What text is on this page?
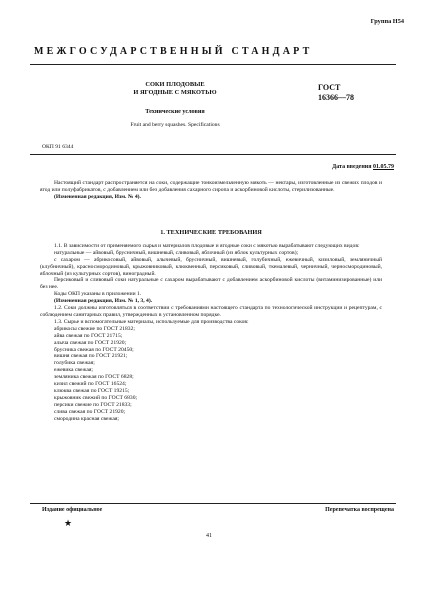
Группа Н54
МЕЖГОСУДАРСТВЕННЫЙ СТАНДАРТ
СОКИ ПЛОДОВЫЕ
И ЯГОДНЫЕ С МЯКОТЬЮ
ГОСТ
16366—78
Технические условия
Fruit and berry squashes. Specifications
ОКП 91 6344
Дата введения 01.05.79

Настоящий стандарт распространяется на соки, содержащие тонкоизмельченную мякоть — нектары, изготовленные из свежих плодов и ягод или полуфабрикатов, с добавлением или без добавления сахарного сиропа и аскорбиновой кислоты, стерилизованные.

(Измененная редакция, Изм. № 4).

1. ТЕХНИЧЕСКИЕ ТРЕБОВАНИЯ

1.1. В зависимости от применяемого сырья и материалов плодовые и ягодные соки с мякотью вырабатывают следующих видов:

натуральные — айвовый, брусничный, вишневый, сливовый, яблочный (из яблок культурных сортов);

с сахаром — абрикосовый, айвовый, алычевый, брусничный, вишневый, голубичный, ежевичный, кизиловый, земляничный (клубничный), красносмородиновый, крыжовниковый, клюквенный, персиковый, сливовый, ткемалевый, черничный, черносмородиновый, яблочный (из культурных сортов), виноградный.

Персиковый и сливовый соки натуральные с сахаром вырабатывают с добавлением аскорбиновой кислоты (витаминизированные) или без нее.

Коды ОКП указаны в приложении 1.

(Измененная редакция, Изм. № 1, 3, 4).

1.2. Соки должны изготовляться в соответствии с требованиями настоящего стандарта по технологической инструкции и рецептурам, с соблюдением санитарных правил, утвержденных в установленном порядке.

1.3. Сырье и вспомогательные материалы, используемые для производства соков:

абрикосы свежие по ГОСТ 21832;
айва свежая по ГОСТ 21715;
алыча свежая по ГОСТ 21920;
брусника свежая по ГОСТ 20450;
вишня свежая по ГОСТ 21921;
голубика свежая;
ежевика свежая;
земляника свежая по ГОСТ 6828;
кизил свежий по ГОСТ 16524;
клюква свежая по ГОСТ 19215;
крыжовник свежий по ГОСТ 6830;
персики свежие по ГОСТ 21833;
слива свежая по ГОСТ 21920;
смородина красная свежая;
Издание официальное	Перепечатка воспрещена
★
41
